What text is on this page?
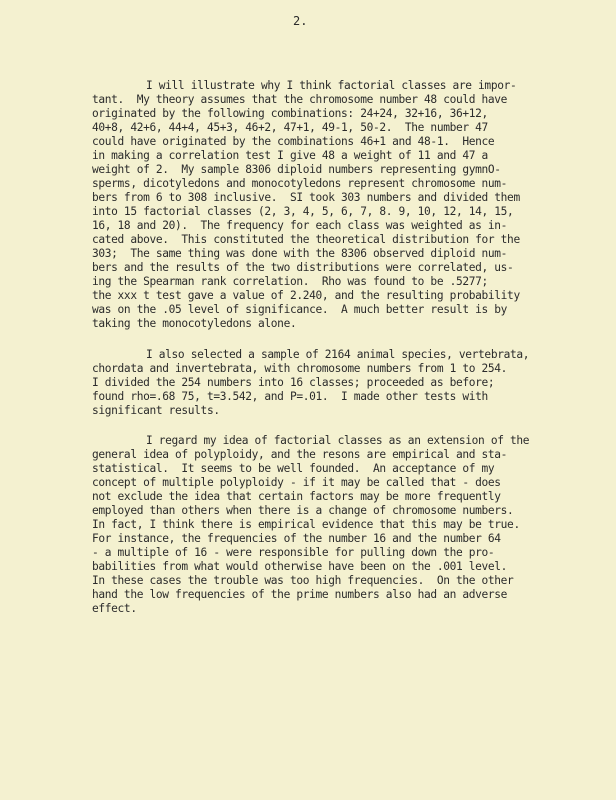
2.

I will illustrate why I think factorial classes are impor-

tant.  My theory assumes that the chromosome number 48 could have

originated by the following combinations: 24+24, 32+16, 36+12,

40+8, 42+6, 44+4, 45+3, 46+2, 47+1, 49-1, 50-2.  The number 47

could have originated by the combinations 46+1 and 48-1.  Hence

in making a correlation test I give 48 a weight of 11 and 47 a

weight of 2.  My sample 8306 diploid numbers representing gymnO-

sperms, dicotyledons and monocotyledons represent chromosome num-

bers from 6 to 308 inclusive.  SI took 303 numbers and divided them

into 15 factorial classes (2, 3, 4, 5, 6, 7, 8. 9, 10, 12, 14, 15,

16, 18 and 20).  The frequency for each class was weighted as in-

cated above.  This constituted the theoretical distribution for the

303;  The same thing was done with the 8306 observed diploid num-

bers and the results of the two distributions were correlated, us-

ing the Spearman rank correlation.  Rho was found to be .5277;

the xxx t test gave a value of 2.240, and the resulting probability

was on the .05 level of significance.  A much better result is by

taking the monocotyledons alone.

I also selected a sample of 2164 animal species, vertebrata,

chordata and invertebrata, with chromosome numbers from 1 to 254.

I divided the 254 numbers into 16 classes; proceeded as before;

found rho=.68 75, t=3.542, and P=.01.  I made other tests with

significant results.

I regard my idea of factorial classes as an extension of the

general idea of polyploidy, and the resons are empirical and sta-

statistical.  It seems to be well founded.  An acceptance of my

concept of multiple polyploidy - if it may be called that - does

not exclude the idea that certain factors may be more frequently

employed than others when there is a change of chromosome numbers.

In fact, I think there is empirical evidence that this may be true.

For instance, the frequencies of the number 16 and the number 64

- a multiple of 16 - were responsible for pulling down the pro-

babilities from what would otherwise have been on the .001 level.

In these cases the trouble was too high frequencies.  On the other

hand the low frequencies of the prime numbers also had an adverse

effect.
